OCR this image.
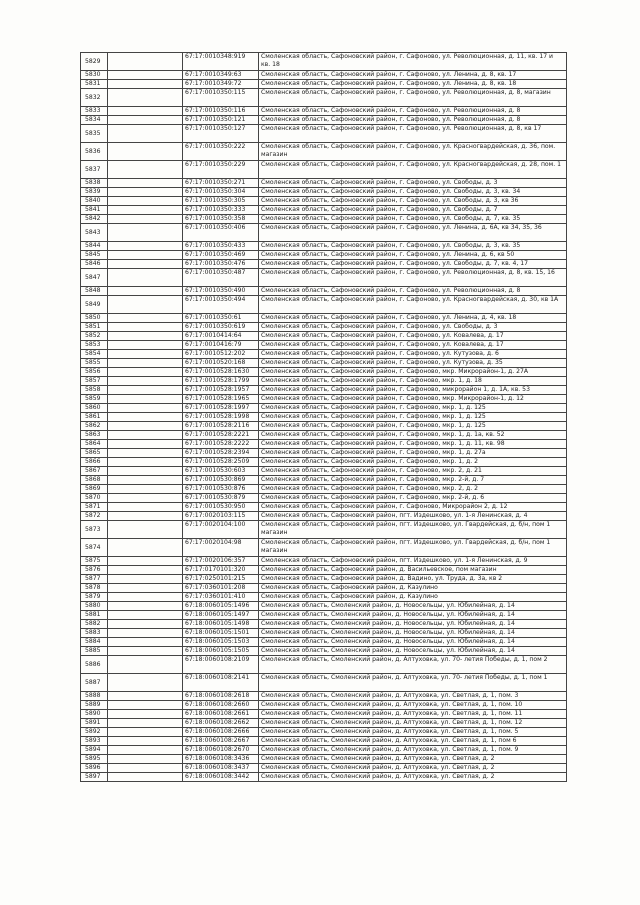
5829		67:17:0010348:919	Смоленская область, Сафоновский район, г. Сафоново, ул. Революционная, д. 11, кв. 17 и кв. 18
5830		67:17:0010349:63	Смоленская область, Сафоновский район, г. Сафоново, ул. Ленина, д. 8, кв. 17
5831		67:17:0010349:72	Смоленская область, Сафоновский район, г. Сафоново, ул. Ленина, д. 8, кв. 18
5832		67:17:0010350:115	Смоленская область, Сафоновский район, г. Сафоново, ул. Революционная, д. 8, магазин
5833		67:17:0010350:116	Смоленская область, Сафоновский район, г. Сафоново, ул. Революционная, д. 8
5834		67:17:0010350:121	Смоленская область, Сафоновский район, г. Сафоново, ул. Революционная, д. 8
5835		67:17:0010350:127	Смоленская область, Сафоновский район, г. Сафоново, ул. Революционная, д. 8, кв 17
5836		67:17:0010350:222	Смоленская область, Сафоновский район, г. Сафоново, ул. Красногвардейская, д. 36, пом. магазин
5837		67:17:0010350:229	Смоленская область, Сафоновский район, г. Сафоново, ул. Красногвардейская, д. 28, пом. 1
5838		67:17:0010350:271	Смоленская область, Сафоновский район, г. Сафоново, ул. Свободы, д. 3
5839		67:17:0010350:304	Смоленская область, Сафоновский район, г. Сафоново, ул. Свободы, д. 3, кв. 34
5840		67:17:0010350:305	Смоленская область, Сафоновский район, г. Сафоново, ул. Свободы, д. 3, кв 36
5841		67:17:0010350:333	Смоленская область, Сафоновский район, г. Сафоново, ул. Свободы, д. 7
5842		67:17:0010350:358	Смоленская область, Сафоновский район, г. Сафоново, ул. Свободы, д. 7, кв. 35
5843		67:17:0010350:406	Смоленская область, Сафоновский район, г. Сафоново, ул. Ленина, д. 6А, кв 34, 35, 36
5844		67:17:0010350:433	Смоленская область, Сафоновский район, г. Сафоново, ул. Свободы, д. 3, кв. 35
5845		67:17:0010350:469	Смоленская область, Сафоновский район, г. Сафоново, ул. Ленина, д. 6, кв 50
5846		67:17:0010350:476	Смоленская область, Сафоновский район, г. Сафоново, ул. Свободы, д. 7, кв. 4, 17
5847		67:17:0010350:487	Смоленская область, Сафоновский район, г. Сафоново, ул. Революционная, д. 8, кв. 15, 16
5848		67:17:0010350:490	Смоленская область, Сафоновский район, г. Сафоново, ул. Революционная, д. 8
5849		67:17:0010350:494	Смоленская область, Сафоновский район, г. Сафоново, ул. Красногвардейская, д. 30, кв 1А
5850		67:17:0010350:61	Смоленская область, Сафоновский район, г. Сафоново, ул. Ленина, д. 4, кв. 18
5851		67:17:0010350:619	Смоленская область, Сафоновский район, г. Сафоново, ул. Свободы, д. 3
5852		67:17:0010414:64	Смоленская область, Сафоновский район, г. Сафоново, ул. Ковалева, д. 17
5853		67:17:0010416:79	Смоленская область, Сафоновский район, г. Сафоново, ул. Ковалева, д. 17
5854		67:17:0010512:202	Смоленская область, Сафоновский район, г. Сафоново, ул. Кутузова, д. 6
5855		67:17:0010520:168	Смоленская область, Сафоновский район, г. Сафоново, ул. Кутузова, д. 35
5856		67:17:0010528:1630	Смоленская область, Сафоновский район, г. Сафоново, мкр. Микрорайон-1, д. 27А
5857		67:17:0010528:1799	Смоленская область, Сафоновский район, г. Сафоново, мкр. 1, д. 18
5858		67:17:0010528:1957	Смоленская область, Сафоновский район, г. Сафоново, микрорайон 1, д. 1А, кв. 53
5859		67:17:0010528:1965	Смоленская область, Сафоновский район, г. Сафоново, мкр. Микрорайон-1, д. 12
5860		67:17:0010528:1997	Смоленская область, Сафоновский район, г. Сафоново, мкр. 1, д. 125
5861		67:17:0010528:1998	Смоленская область, Сафоновский район, г. Сафоново, мкр. 1, д. 125
5862		67:17:0010528:2116	Смоленская область, Сафоновский район, г. Сафоново, мкр. 1, д. 125
5863		67:17:0010528:2221	Смоленская область, Сафоновский район, г. Сафоново, мкр. 1, д. 1а, кв. 52
5864		67:17:0010528:2222	Смоленская область, Сафоновский район, г. Сафоново, мкр. 1, д. 11, кв. 98
5865		67:17:0010528:2394	Смоленская область, Сафоновский район, г. Сафоново, мкр. 1, д. 27а
5866		67:17:0010528:2509	Смоленская область, Сафоновский район, г. Сафоново, мкр. 1, д. 2
5867		67:17:0010530:603	Смоленская область, Сафоновский район, г. Сафоново, мкр. 2, д. 21
5868		67:17:0010530:869	Смоленская область, Сафоновский район, г. Сафоново, мкр. 2-й, д. 7
5869		67:17:0010530:876	Смоленская область, Сафоновский район, г. Сафоново, мкр. 2, д. 2
5870		67:17:0010530:879	Смоленская область, Сафоновский район, г. Сафоново, мкр. 2-й, д. 6
5871		67:17:0010530:950	Смоленская область, Сафоновский район, г. Сафоново, Микрорайон 2, д. 12
5872		67:17:0020103:115	Смоленская область, Сафоновский район, пгт. Издешково, ул. 1-я Ленинская, д. 4
5873		67:17:0020104:100	Смоленская область, Сафоновский район, пгт. Издешково, ул. Гвардейская, д. б/н, пом 1 магазин
5874		67:17:0020104:98	Смоленская область, Сафоновский район, пгт. Издешково, ул. Гвардейская, д. б/н, пом 1 магазин
5875		67:17:0020106:357	Смоленская область, Сафоновский район, пгт. Издешково, ул. 1-я Ленинская, д. 9
5876		67:17:0170101:320	Смоленская область, Сафоновский район, д. Васильевское, пом магазин
5877		67:17:0250101:215	Смоленская область, Сафоновский район, д. Вадино, ул. Труда, д. 3а, кв 2
5878		67:17:0360101:208	Смоленская область, Сафоновский район, д. Казулино
5879		67:17:0360101:410	Смоленская область, Сафоновский район, д. Казулино
5880		67:18:0060105:1496	Смоленская область, Смоленский район, д. Новосельцы, ул. Юбилейная, д. 14
5881		67:18:0060105:1497	Смоленская область, Смоленский район, д. Новосельцы, ул. Юбилейная, д. 14
5882		67:18:0060105:1498	Смоленская область, Смоленский район, д. Новосельцы, ул. Юбилейная, д. 14
5883		67:18:0060105:1501	Смоленская область, Смоленский район, д. Новосельцы, ул. Юбилейная, д. 14
5884		67:18:0060105:1503	Смоленская область, Смоленский район, д. Новосельцы, ул. Юбилейная, д. 14
5885		67:18:0060105:1505	Смоленская область, Смоленский район, д. Новосельцы, ул. Юбилейная, д. 14
5886		67:18:0060108:2109	Смоленская область, Смоленский район, д. Алтуховка, ул. 70- летия Победы, д. 1, пом 2
5887		67:18:0060108:2141	Смоленская область, Смоленский район, д. Алтуховка, ул. 70- летия Победы, д. 1, пом 1
5888		67:18:0060108:2618	Смоленская область, Смоленский район, д. Алтуховка, ул. Светлая, д. 1, пом. 3
5889		67:18:0060108:2660	Смоленская область, Смоленский район, д. Алтуховка, ул. Светлая, д. 1, пом. 10
5890		67:18:0060108:2661	Смоленская область, Смоленский район, д. Алтуховка, ул. Светлая, д. 1, пом. 11
5891		67:18:0060108:2662	Смоленская область, Смоленский район, д. Алтуховка, ул. Светлая, д. 1, пом. 12
5892		67:18:0060108:2666	Смоленская область, Смоленский район, д. Алтуховка, ул. Светлая, д. 1, пом. 5
5893		67:18:0060108:2667	Смоленская область, Смоленский район, д. Алтуховка, ул. Светлая, д. 1, пом 6
5894		67:18:0060108:2670	Смоленская область, Смоленский район, д. Алтуховка, ул. Светлая, д. 1, пом. 9
5895		67:18:0060108:3436	Смоленская область, Смоленский район, д. Алтуховка, ул. Светлая, д. 2
5896		67:18:0060108:3437	Смоленская область, Смоленский район, д. Алтуховка, ул. Светлая, д. 2
5897		67:18:0060108:3442	Смоленская область, Смоленский район, д. Алтуховка, ул. Светлая, д. 2
